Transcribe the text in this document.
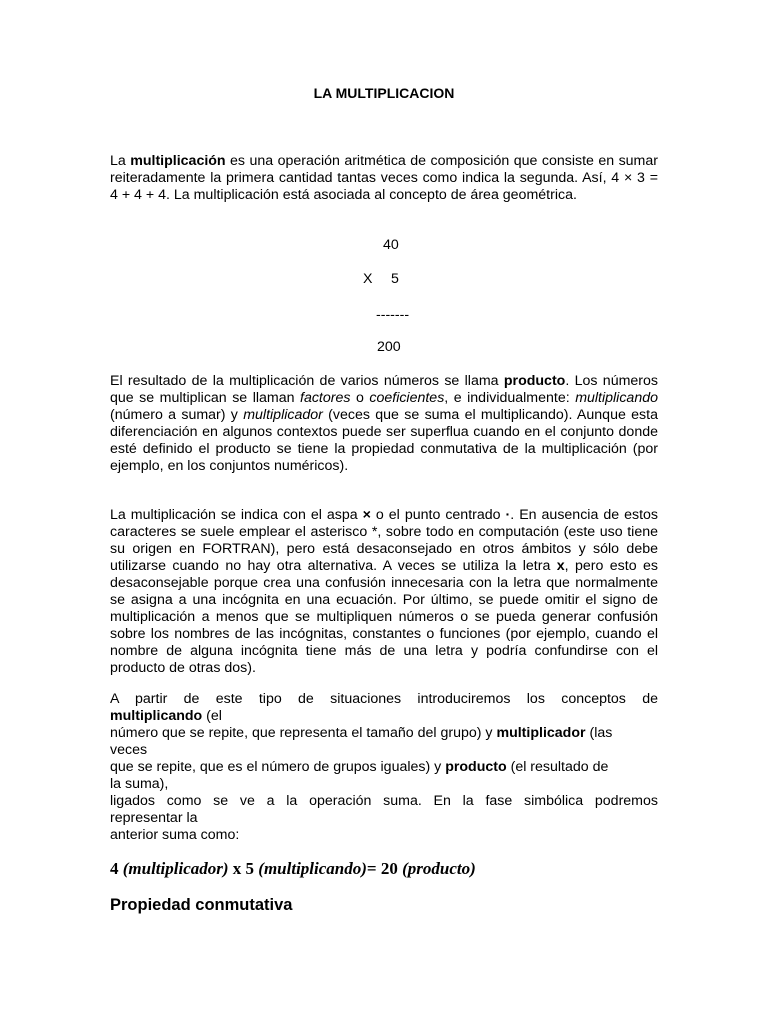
LA MULTIPLICACION
La multiplicación es una operación aritmética de composición que consiste en sumar reiteradamente la primera cantidad tantas veces como indica la segunda. Así, 4 × 3 = 4 + 4 + 4. La multiplicación está asociada al concepto de área geométrica.
40
X 5
-------
200
El resultado de la multiplicación de varios números se llama producto. Los números que se multiplican se llaman factores o coeficientes, e individualmente: multiplicando (número a sumar) y multiplicador (veces que se suma el multiplicando). Aunque esta diferenciación en algunos contextos puede ser superflua cuando en el conjunto donde esté definido el producto se tiene la propiedad conmutativa de la multiplicación (por ejemplo, en los conjuntos numéricos).
La multiplicación se indica con el aspa × o el punto centrado ·. En ausencia de estos caracteres se suele emplear el asterisco *, sobre todo en computación (este uso tiene su origen en FORTRAN), pero está desaconsejado en otros ámbitos y sólo debe utilizarse cuando no hay otra alternativa. A veces se utiliza la letra x, pero esto es desaconsejable porque crea una confusión innecesaria con la letra que normalmente se asigna a una incógnita en una ecuación. Por último, se puede omitir el signo de multiplicación a menos que se multipliquen números o se pueda generar confusión sobre los nombres de las incógnitas, constantes o funciones (por ejemplo, cuando el nombre de alguna incógnita tiene más de una letra y podría confundirse con el producto de otras dos).
A partir de este tipo de situaciones introduciremos los conceptos de
multiplicando (el
número que se repite, que representa el tamaño del grupo) y multiplicador (las
veces
que se repite, que es el número de grupos iguales) y producto (el resultado de
la suma),
ligados como se ve a la operación suma. En la fase simbólica podremos
representar la
anterior suma como:
4 (multiplicador) x 5 (multiplicando)= 20 (producto)
Propiedad conmutativa
